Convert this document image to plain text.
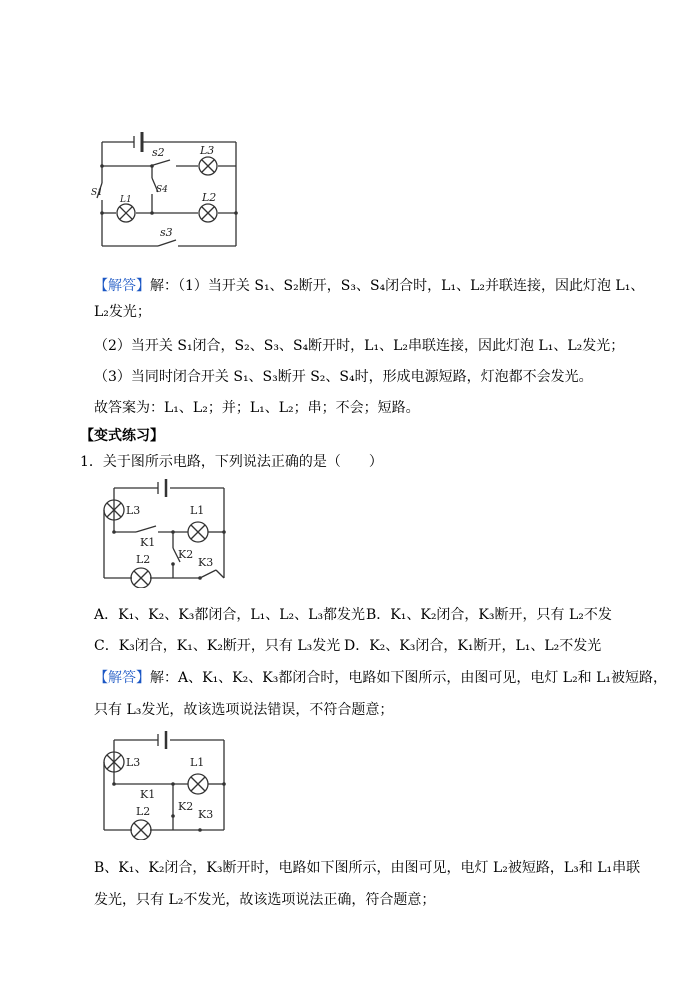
s2	L3
S1	S4
L1	L2
s3
【解答】解：（1）当开关 S₁、S₂断开，S₃、S₄闭合时，L₁、L₂并联连接，因此灯泡 L₁、
L₂发光；
（2）当开关 S₁闭合，S₂、S₃、S₄断开时，L₁、L₂串联连接，因此灯泡 L₁、L₂发光；
（3）当同时闭合开关 S₁、S₃断开 S₂、S₄时，形成电源短路，灯泡都不会发光。
故答案为：L₁、L₂；并；L₁、L₂；串；不会；短路。
【变式练习】
1．关于图所示电路，下列说法正确的是（　　）
L3	L1
K1
L2	K2
K3
A．K₁、K₂、K₃都闭合，L₁、L₂、L₃都发光 B．K₁、K₂闭合，K₃断开，只有 L₂不发
C．K₃闭合，K₁、K₂断开，只有 L₃发光 D．K₂、K₃闭合，K₁断开，L₁、L₂不发光
【解答】解：A、K₁、K₂、K₃都闭合时，电路如下图所示，由图可见，电灯 L₂和 L₁被短路，
只有 L₃发光，故该选项说法错误，不符合题意；
L3	L1
K1
L2	K2
K3
B、K₁、K₂闭合，K₃断开时，电路如下图所示，由图可见，电灯 L₂被短路，L₃和 L₁串联
发光，只有 L₂不发光，故该选项说法正确，符合题意；
